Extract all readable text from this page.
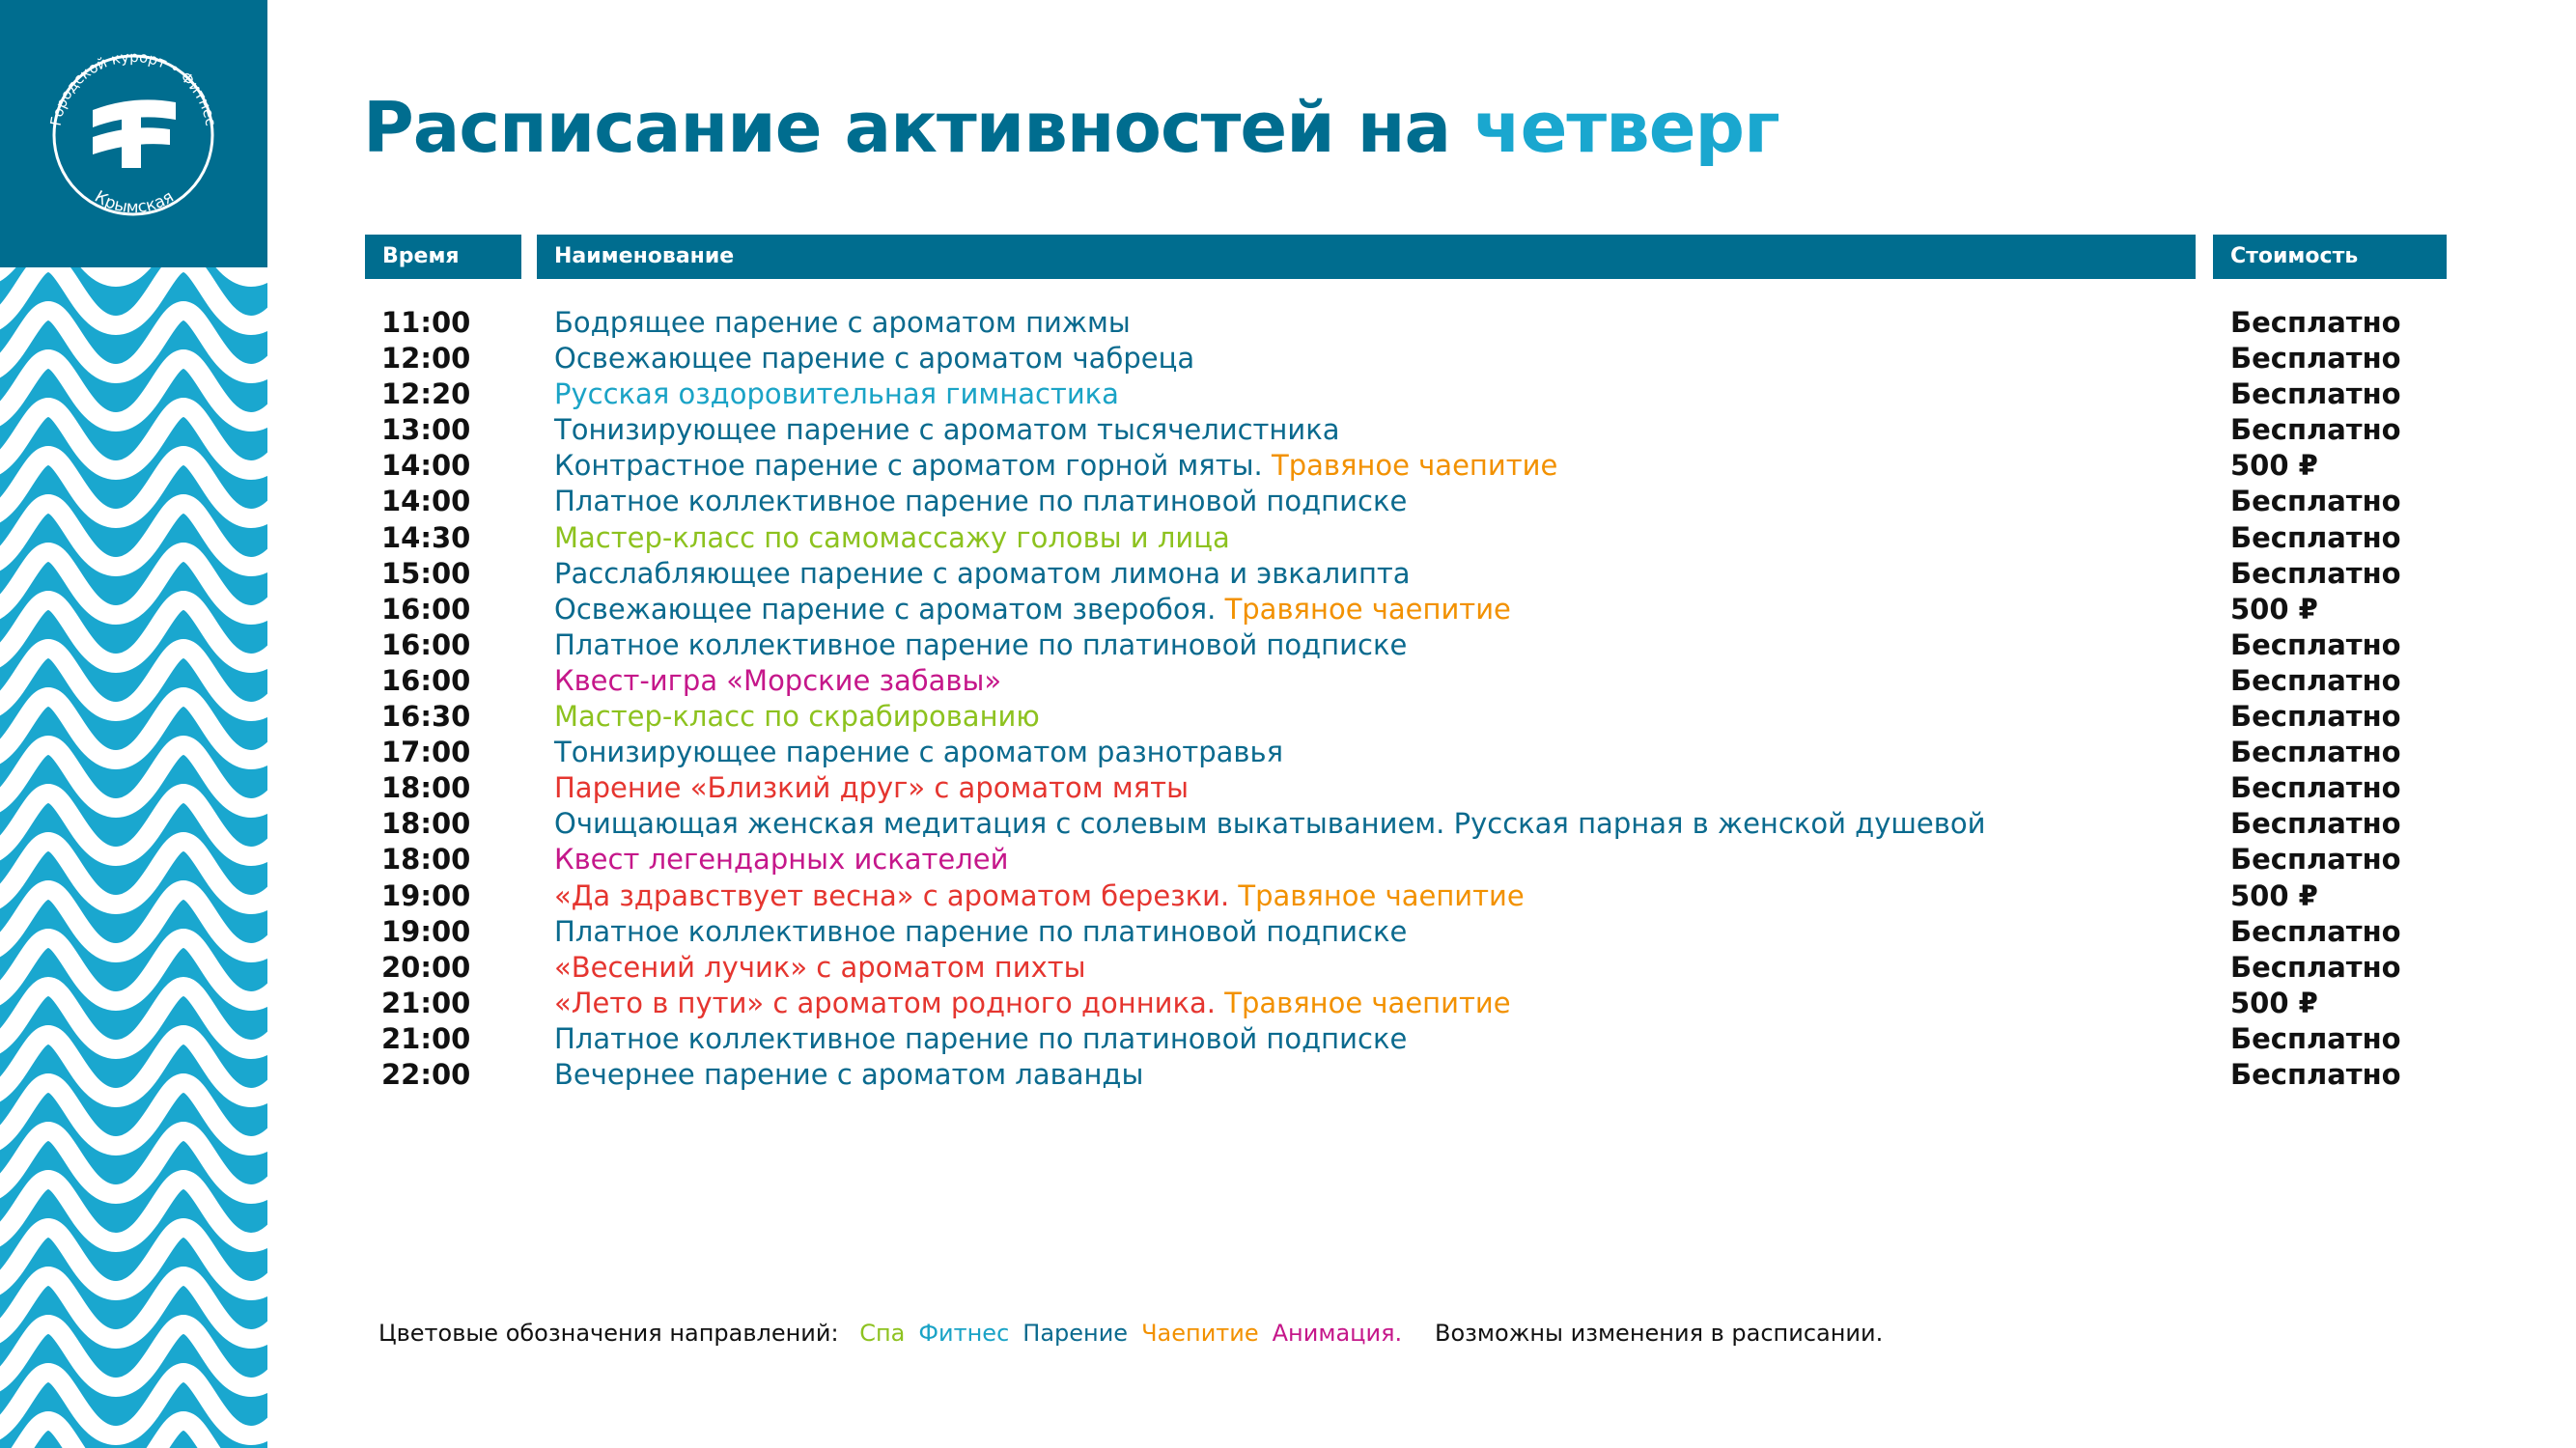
Городской курорт • Фитнес
Крымская
Расписание активностей на четверг
Время	Наименование	Стоимость
11:00	Бодрящее парение с ароматом пижмы	Бесплатно
12:00	Освежающее парение с ароматом чабреца	Бесплатно
12:20	Русская оздоровительная гимнастика	Бесплатно
13:00	Тонизирующее парение с ароматом тысячелистника	Бесплатно
14:00	Контрастное парение с ароматом горной мяты. Травяное чаепитие	500 ₽
14:00	Платное коллективное парение по платиновой подписке	Бесплатно
14:30	Мастер-класс по самомассажу головы и лица	Бесплатно
15:00	Расслабляющее парение с ароматом лимона и эвкалипта	Бесплатно
16:00	Освежающее парение с ароматом зверобоя. Травяное чаепитие	500 ₽
16:00	Платное коллективное парение по платиновой подписке	Бесплатно
16:00	Квест-игра «Морские забавы»	Бесплатно
16:30	Мастер-класс по скрабированию	Бесплатно
17:00	Тонизирующее парение с ароматом разнотравья	Бесплатно
18:00	Парение «Близкий друг» с ароматом мяты	Бесплатно
18:00	Очищающая женская медитация с солевым выкатыванием. Русская парная в женской душевой	Бесплатно
18:00	Квест легендарных искателей	Бесплатно
19:00	«Да здравствует весна» с ароматом березки. Травяное чаепитие	500 ₽
19:00	Платное коллективное парение по платиновой подписке	Бесплатно
20:00	«Весений лучик» с ароматом пихты	Бесплатно
21:00	«Лето в пути» с ароматом родного донника. Травяное чаепитие	500 ₽
21:00	Платное коллективное парение по платиновой подписке	Бесплатно
22:00	Вечернее парение с ароматом лаванды	Бесплатно
Цветовые обозначения направлений: Спа Фитнес Парение Чаепитие Анимация. Возможны изменения в расписании.
